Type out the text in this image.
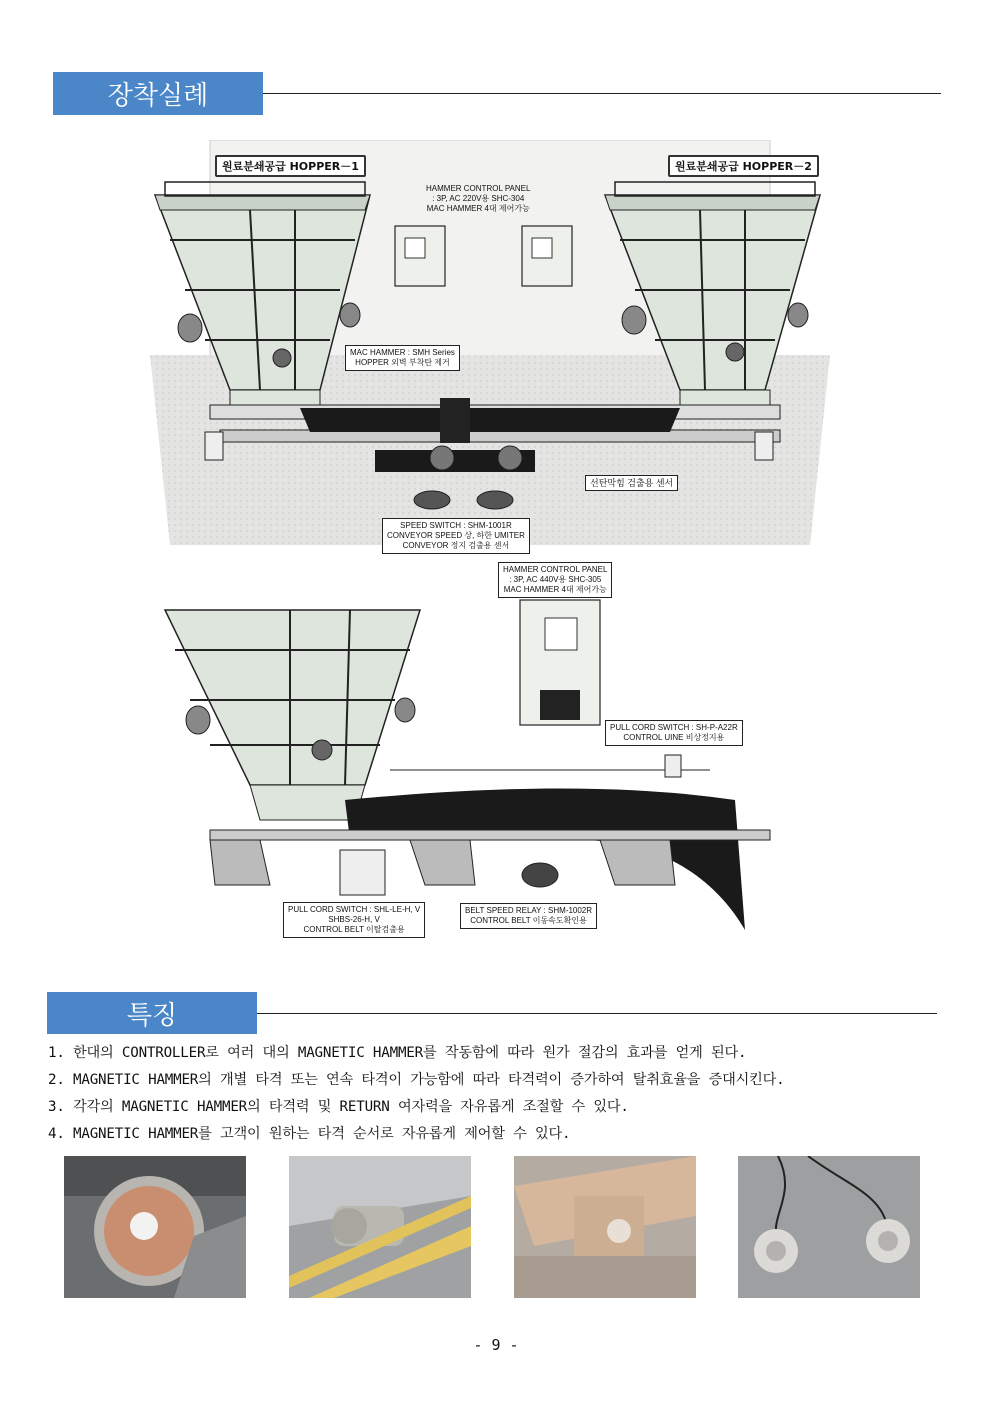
장착실례
원료분쇄공급 HOPPER－1	원료분쇄공급 HOPPER－2
HAMMER CONTROL PANEL
: 3P, AC 220V용 SHC-304
MAC HAMMER 4대 제어가능
MAC HAMMER : SMH Series
HOPPER 외벽 부착탄 제거
선탄막힘 검출용 센서
SPEED SWITCH : SHM-1001R
CONVEYOR SPEED 상, 하한 UMITER
CONVEYOR 정지 검출용 센서
HAMMER CONTROL PANEL
: 3P, AC 440V용 SHC-305
MAC HAMMER 4대 제어가능
PULL CORD SWITCH : SH-P-A22R
CONTROL UINE 비상정지용
PULL CORD SWITCH : SHL-LE-H, V
SHBS-26-H, V
CONTROL BELT 이탈검출용
BELT SPEED RELAY : SHM-1002R
CONTROL BELT 이동속도확인용
특징
1. 한대의 CONTROLLER로 여러 대의 MAGNETIC HAMMER를 작동함에 따라 원가 절감의 효과를 얻게 된다.
2. MAGNETIC HAMMER의 개별 타격 또는 연속 타격이 가능함에 따라 타격력이 증가하여 탈취효율을 증대시킨다.
3. 각각의 MAGNETIC HAMMER의 타격력 및 RETURN 여자력을 자유롭게 조절할 수 있다.
4. MAGNETIC HAMMER를 고객이 원하는 타격 순서로 자유롭게 제어할 수 있다.
- 9 -
